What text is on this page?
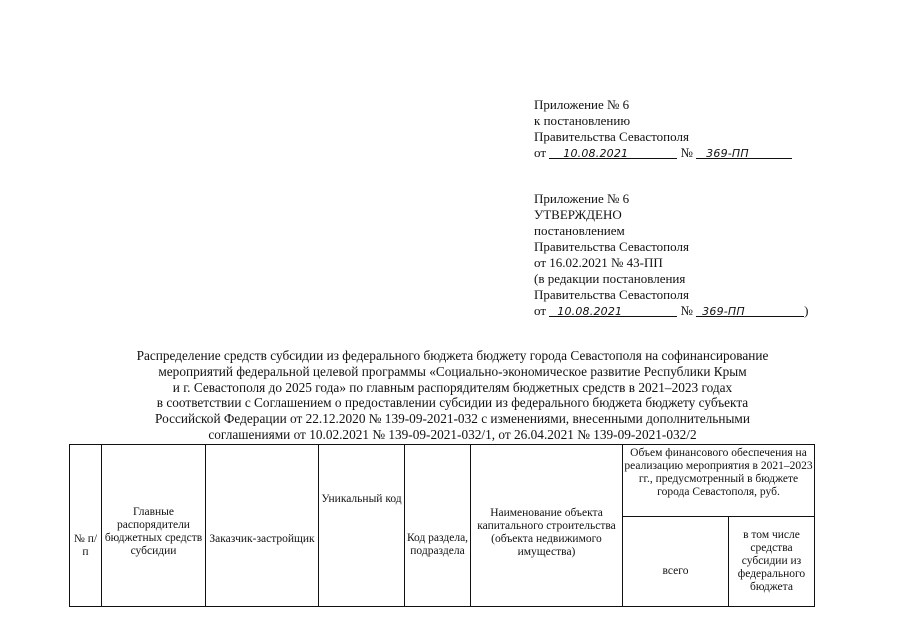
Приложение № 6
к постановлению
Правительства Севастополя
от 10.08.2021	№ 369-ПП
Приложение № 6
УТВЕРЖДЕНО
постановлением
Правительства Севастополя
от 16.02.2021 № 43-ПП
(в редакции постановления
Правительства Севастополя
от 10.08.2021	№ 369-ПП	)
Распределение средств субсидии из федерального бюджета бюджету города Севастополя на софинансирование
мероприятий федеральной целевой программы «Социально-экономическое развитие Республики Крым
и г. Севастополя до 2025 года» по главным распорядителям бюджетных средств в 2021–2023 годах
в соответствии с Соглашением о предоставлении субсидии из федерального бюджета бюджету субъекта
Российской Федерации от 22.12.2020 № 139-09-2021-032 с изменениями, внесенными дополнительными
соглашениями от 10.02.2021 № 139-09-2021-032/1, от 26.04.2021 № 139-09-2021-032/2
						Объем финансового обеспечения на реализацию мероприятия в 2021–2023 гг., предусмотренный в бюджете города Севастополя, руб.	
№ п/п	Главные распорядители бюджетных средств субсидии	Заказчик-застройщик	Уникальный код	Код раздела, подраздела	Наименование объекта капитального строительства (объекта недвижимого имущества)		
						всего	в том числе средства субсидии из федерального бюджета
